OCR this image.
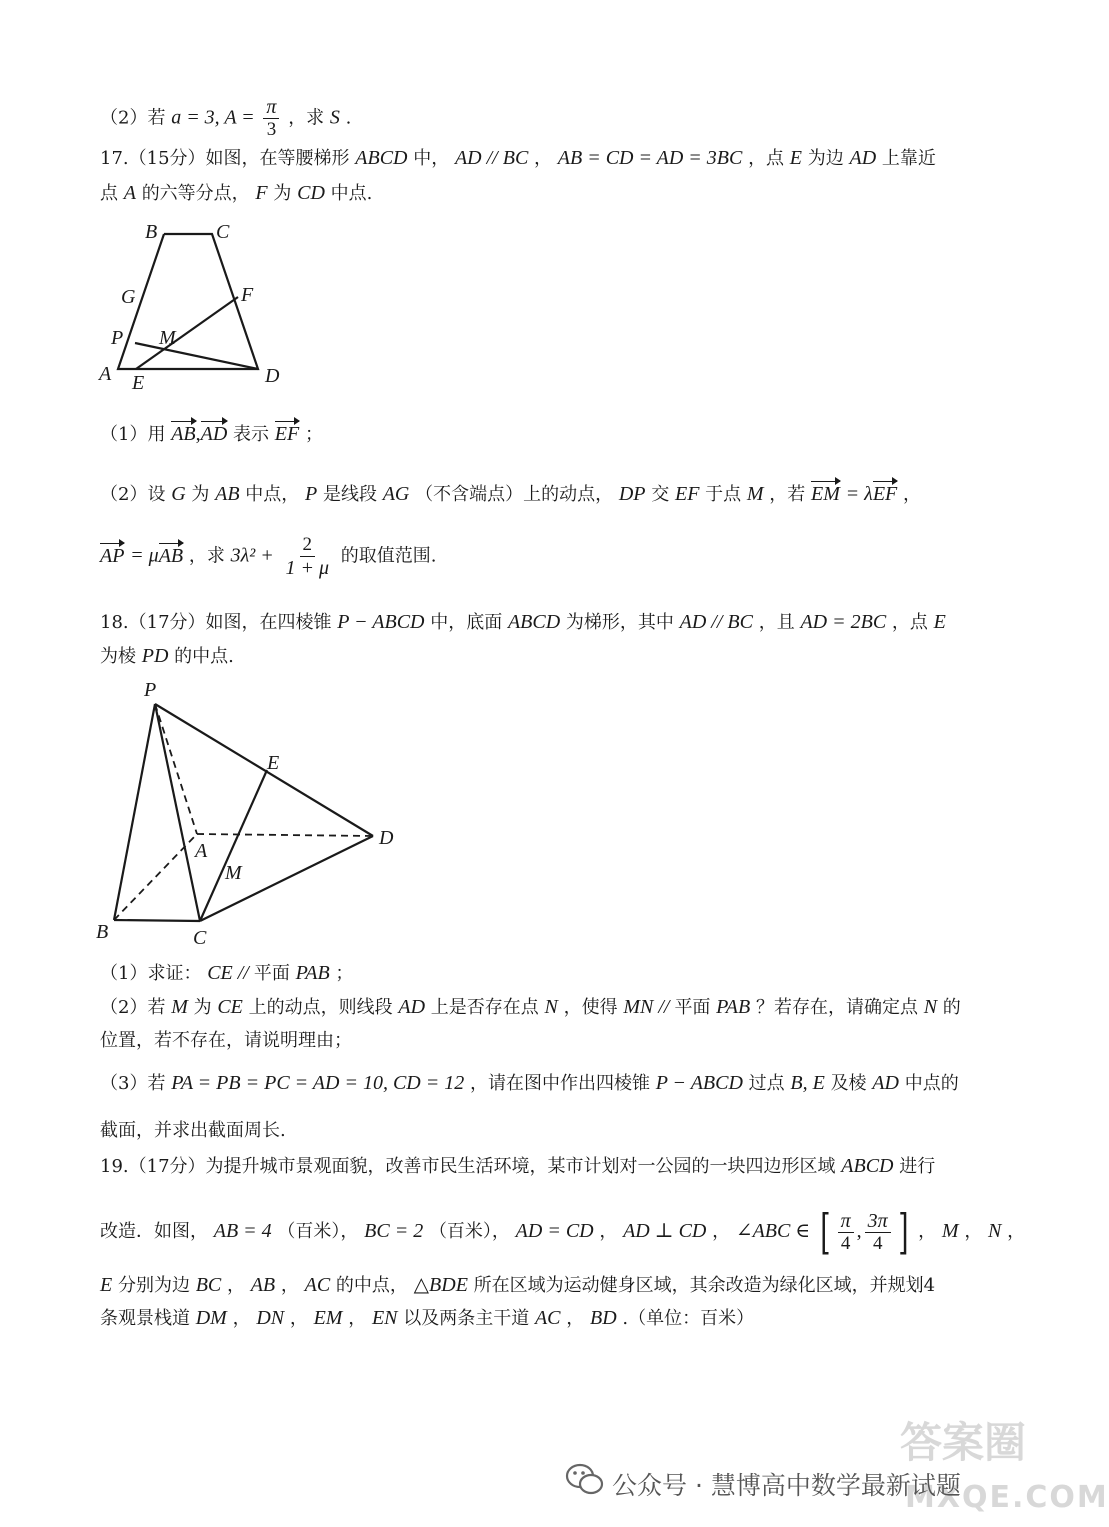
（2）若 a = 3, $A = \frac{\pi}{3}$ ，求 S .
17.（15分）如图，在等腰梯形 ABCD 中， AD // BC ， AB = CD = AD = 3BC ，点 E 为边 AD 上靠近
点 A 的六等分点， F 为 CD 中点.
B	C
G	F
P M
A E	D
（1）用 AB,AD 表示 EF ；
（2）设 G 为 AB 中点， P 是线段 AG （不含端点）上的动点， DP 交 EF 于点 M ，若 EM = λEF ，
AP = μAB ，求 $3\lambda^2 + \frac{2}{1 + \mu}$ 的取值范围.
18.（17分）如图，在四棱锥 P − ABCD 中，底面 ABCD 为梯形，其中 AD // BC ，且 AD = 2BC ，点 E
为棱 PD 的中点.
P
E
A
D
M
B	C
（1）求证： CE // 平面 PAB ；
（2）若 M 为 CE 上的动点，则线段 AD 上是否存在点 N ，使得 MN // 平面 PAB ？若存在，请确定点 N 的
位置，若不存在，请说明理由；
（3）若 PA = PB = PC = AD = 10, CD = 12 ，请在图中作出四棱锥 P − ABCD 过点 B, E 及棱 AD 中点的
截面，并求出截面周长.
19.（17分）为提升城市景观面貌，改善市民生活环境，某市计划对一公园的一块四边形区域 ABCD 进行
改造．如图， AB = 4 （百米）， BC = 2 （百米）， AD = CD ， AD ⊥ CD ， ∠ABC ∈ [ $\frac{\pi}{4}$ , $\frac{3\pi}{4}$ ] ， M ， N ，
E 分别为边 BC ， AB ， AC 的中点， △BDE 所在区域为运动健身区域，其余改造为绿化区域，并规划4
条观景栈道 DM ， DN ， EM ， EN 以及两条主干道 AC ， BD .（单位：百米）
答案圈
MXQE.COM
公众号 · 慧博高中数学最新试题
